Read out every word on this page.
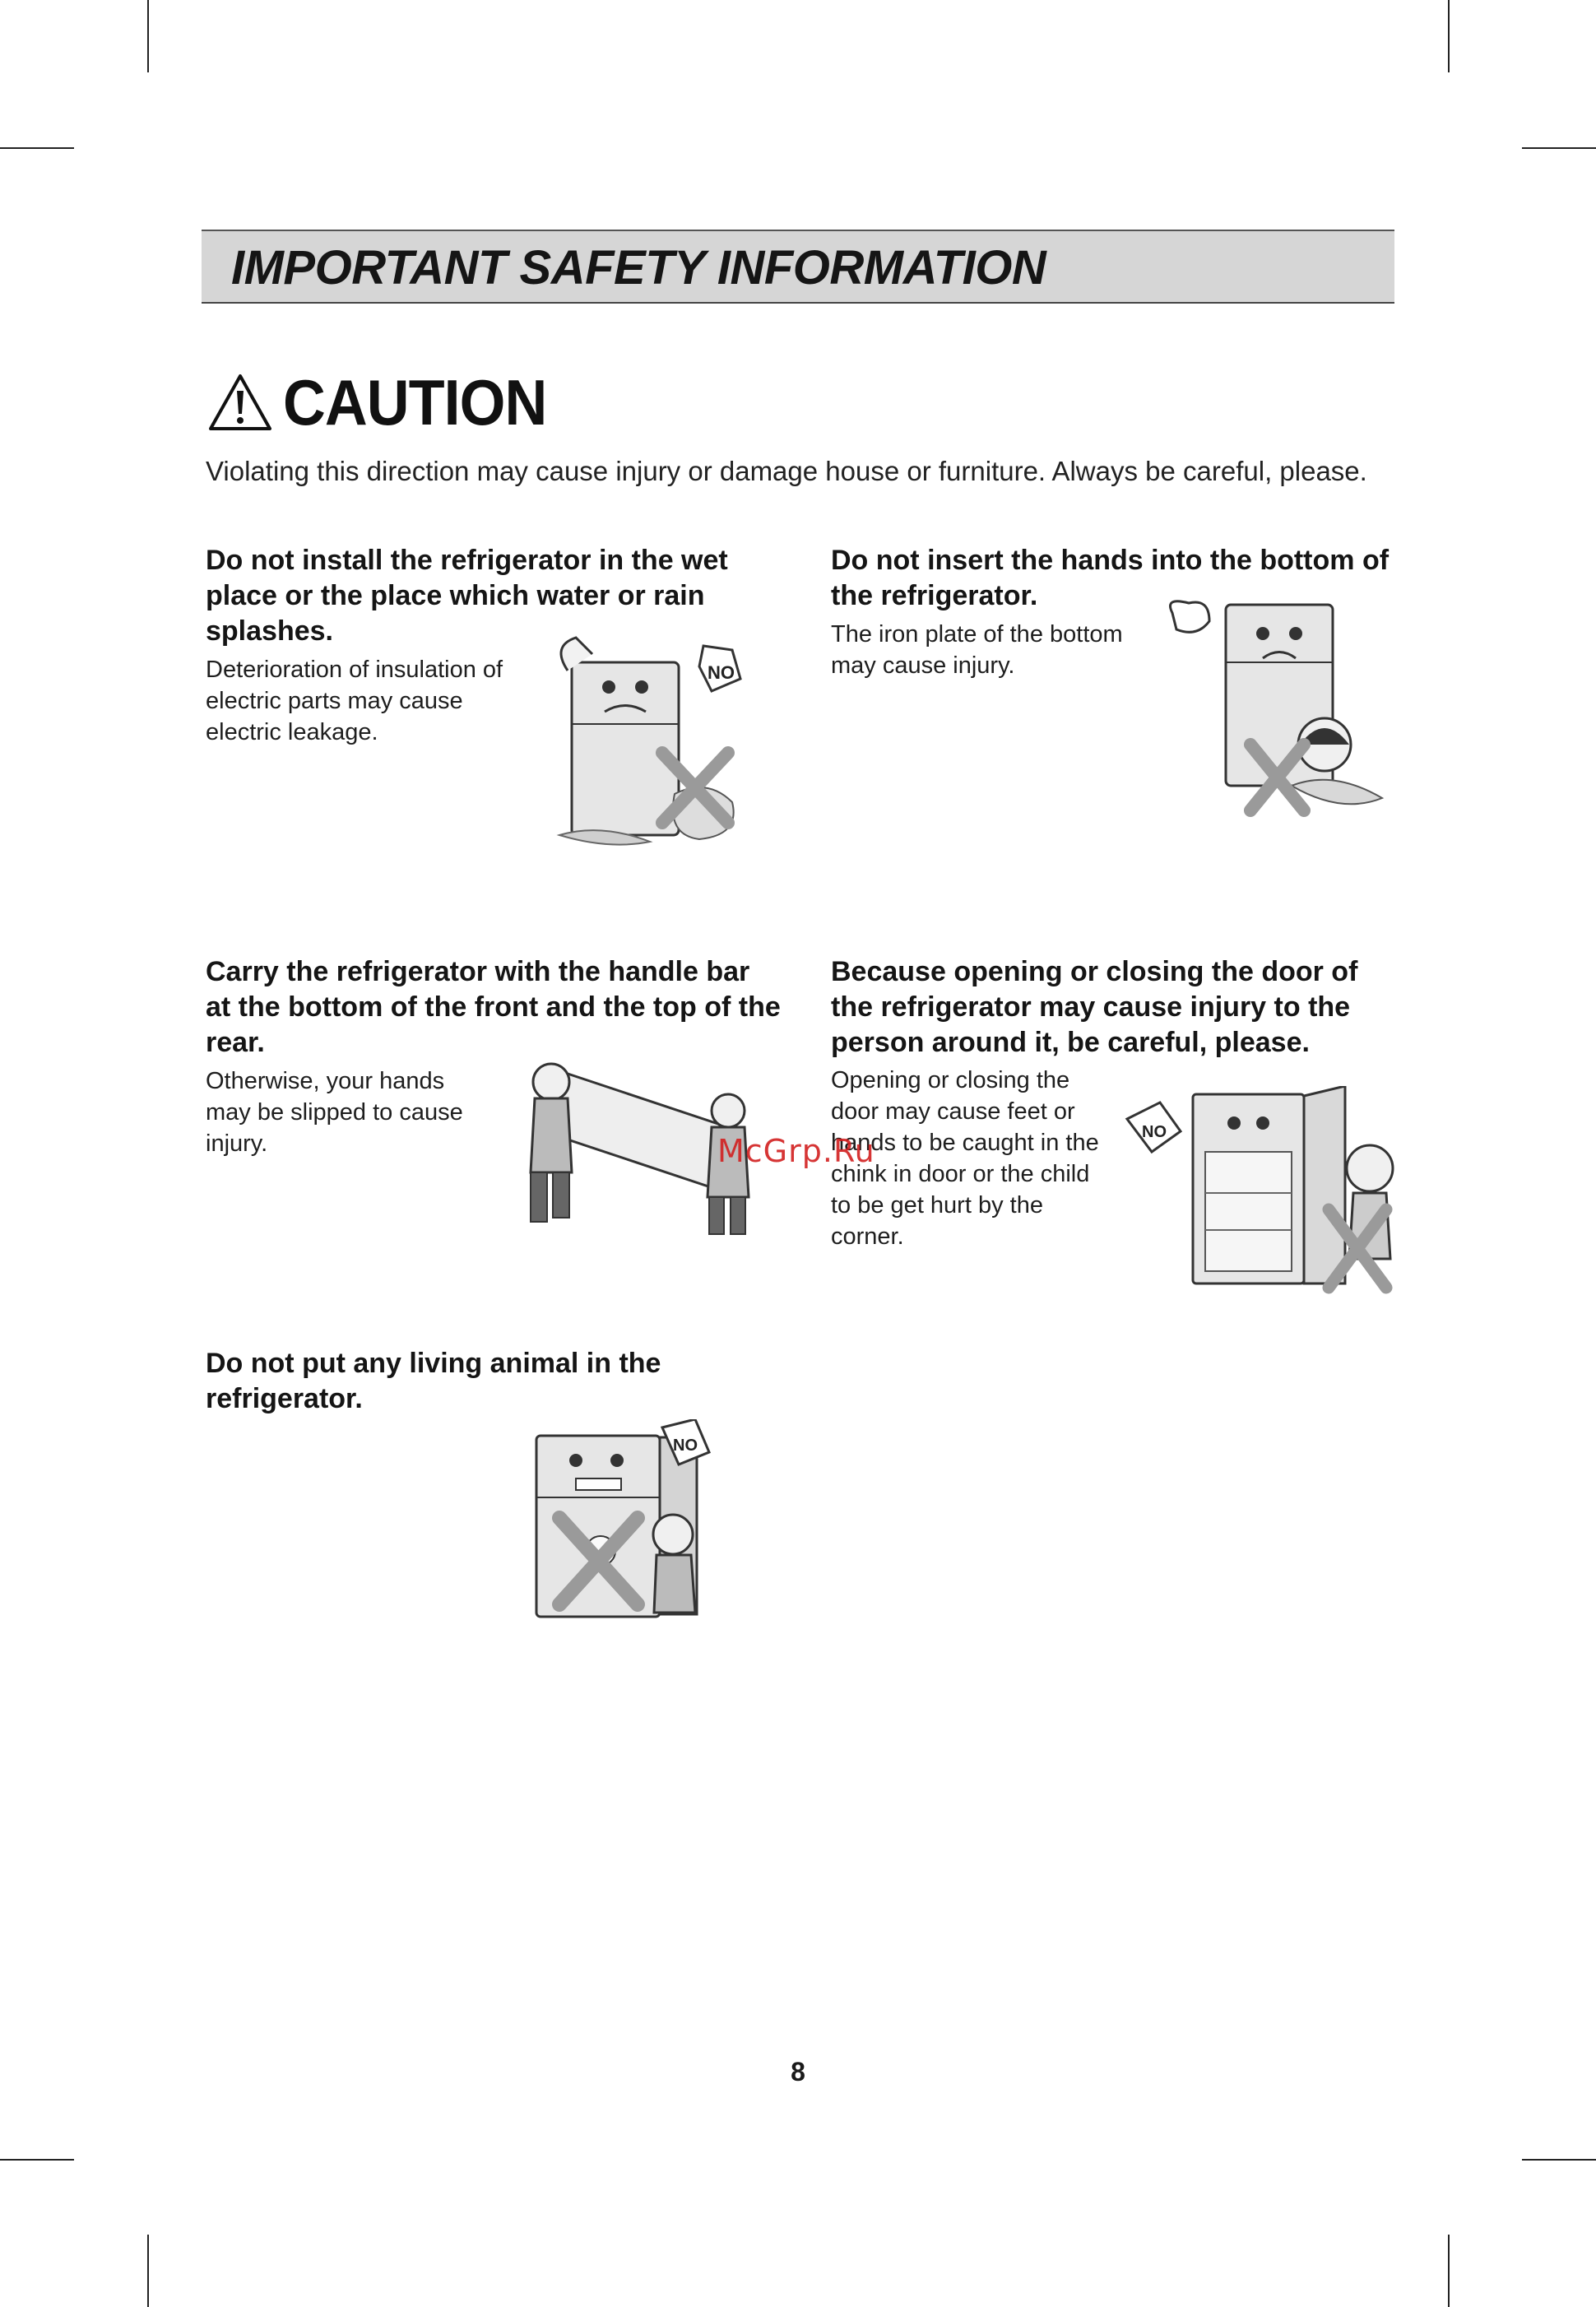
IMPORTANT SAFETY INFORMATION
CAUTION
Violating this direction may cause injury or damage house or furniture. Always be careful, please.

Do not install the refrigerator in the wet place or the place which water or rain splashes.

Deterioration of insulation of electric parts may cause electric leakage.

NO

Do not insert the hands into the bottom of the refrigerator.

The iron plate of the bottom may cause injury.

Carry the refrigerator with the handle bar at the bottom of the front and the top of the rear.

Otherwise, your hands may be slipped to cause injury.

Because opening or closing the door of the refrigerator may cause injury to the person around it, be careful, please.

Opening or closing the door may cause feet or hands to be caught in the chink in door or the child to be get hurt by the corner.

NO

Do not put any living animal in the refrigerator.

NO
McGrp.Ru
8
